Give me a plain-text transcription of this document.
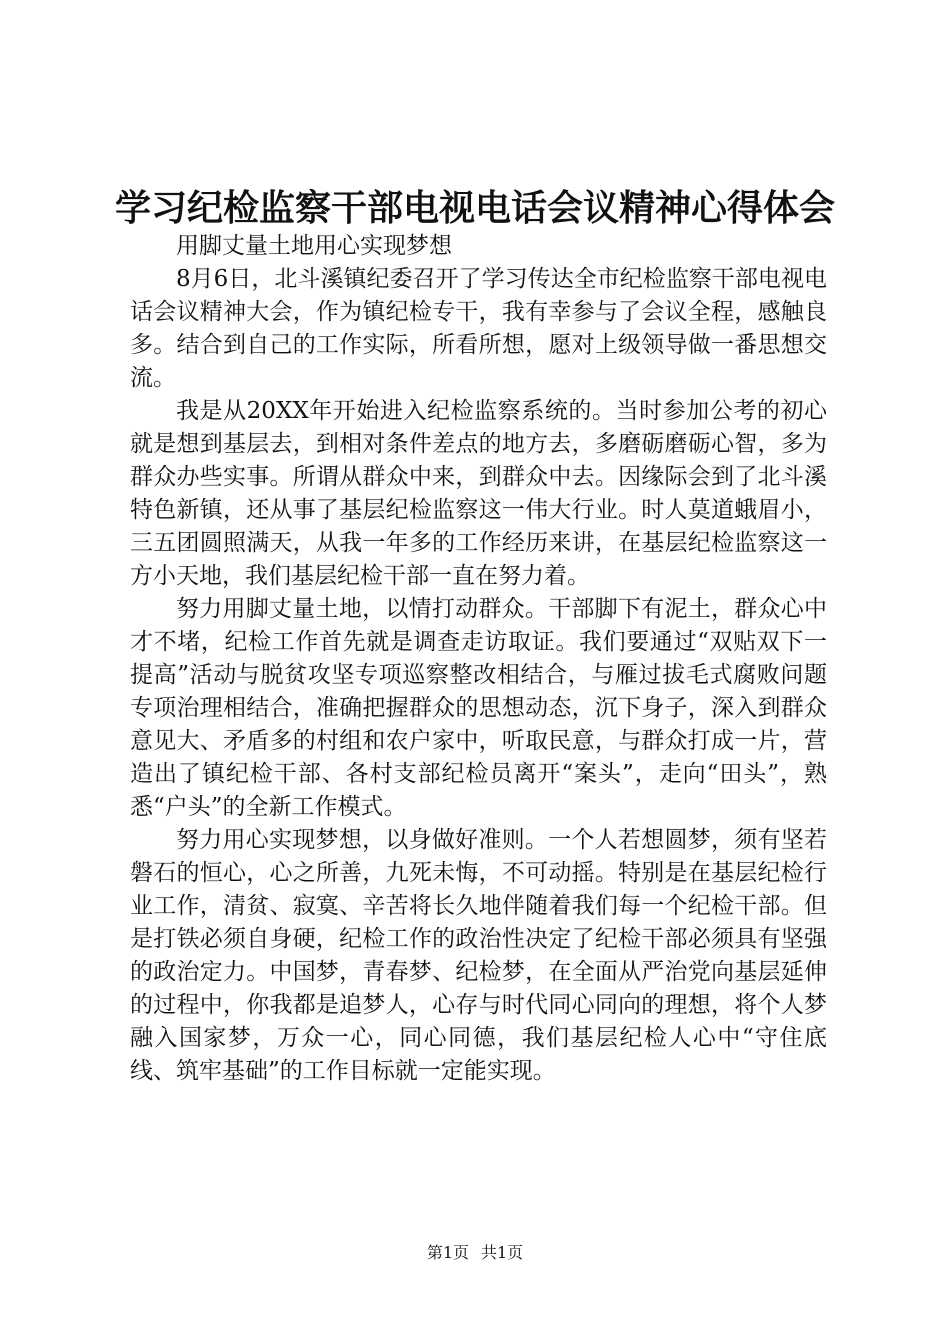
学习纪检监察干部电视电话会议精神心得体会

用脚丈量土地用心实现梦想

8月6日，北斗溪镇纪委召开了学习传达全市纪检监察干部电视电话会议精神大会，作为镇纪检专干，我有幸参与了会议全程，感触良多。结合到自己的工作实际，所看所想，愿对上级领导做一番思想交流。

我是从20XX年开始进入纪检监察系统的。当时参加公考的初心就是想到基层去，到相对条件差点的地方去，多磨砺磨砺心智，多为群众办些实事。所谓从群众中来，到群众中去。因缘际会到了北斗溪特色新镇，还从事了基层纪检监察这一伟大行业。时人莫道蛾眉小，三五团圆照满天，从我一年多的工作经历来讲，在基层纪检监察这一方小天地，我们基层纪检干部一直在努力着。

努力用脚丈量土地，以情打动群众。干部脚下有泥土，群众心中才不堵，纪检工作首先就是调查走访取证。我们要通过“双贴双下一提高”活动与脱贫攻坚专项巡察整改相结合，与雁过拔毛式腐败问题专项治理相结合，准确把握群众的思想动态，沉下身子，深入到群众意见大、矛盾多的村组和农户家中，听取民意，与群众打成一片，营造出了镇纪检干部、各村支部纪检员离开“案头”，走向“田头”，熟悉“户头”的全新工作模式。

努力用心实现梦想，以身做好准则。一个人若想圆梦，须有坚若磐石的恒心，心之所善，九死未悔，不可动摇。特别是在基层纪检行业工作，清贫、寂寞、辛苦将长久地伴随着我们每一个纪检干部。但是打铁必须自身硬，纪检工作的政治性决定了纪检干部必须具有坚强的政治定力。中国梦，青春梦、纪检梦，在全面从严治党向基层延伸的过程中，你我都是追梦人，心存与时代同心同向的理想，将个人梦融入国家梦，万众一心，同心同德，我们基层纪检人心中“守住底线、筑牢基础”的工作目标就一定能实现。

第1页 共1页
